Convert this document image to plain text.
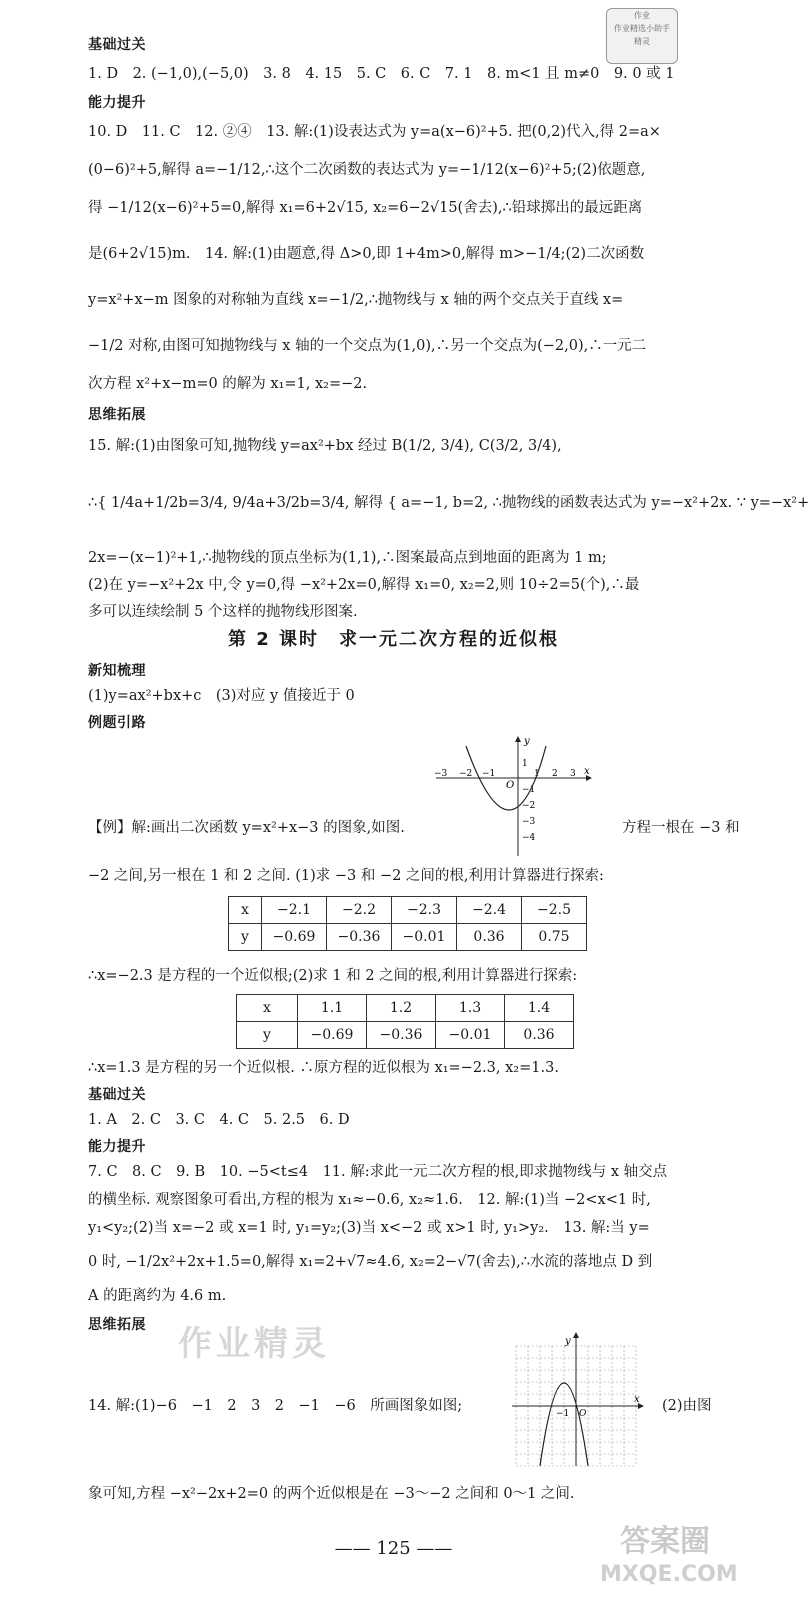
作业
作业精选小助手
精灵
基础过关
1. D　2. (−1,0),(−5,0)　3. 8　4. 15　5. C　6. C　7. 1　8. m<1 且 m≠0　9. 0 或 1
能力提升
10. D　11. C　12. ②④　13. 解:(1)设表达式为 y=a(x−6)²+5. 把(0,2)代入,得 2=a×
(0−6)²+5,解得 a=−1/12,∴这个二次函数的表达式为 y=−1/12(x−6)²+5;(2)依题意,
得 −1/12(x−6)²+5=0,解得 x₁=6+2√15, x₂=6−2√15(舍去),∴铅球掷出的最远距离
是(6+2√15)m.　14. 解:(1)由题意,得 Δ>0,即 1+4m>0,解得 m>−1/4;(2)二次函数
y=x²+x−m 图象的对称轴为直线 x=−1/2,∴抛物线与 x 轴的两个交点关于直线 x=
−1/2 对称,由图可知抛物线与 x 轴的一个交点为(1,0),∴另一个交点为(−2,0),∴一元二
次方程 x²+x−m=0 的解为 x₁=1, x₂=−2.
思维拓展
15. 解:(1)由图象可知,抛物线 y=ax²+bx 经过 B(1/2, 3/4), C(3/2, 3/4),
∴{ 1/4a+1/2b=3/4, 9/4a+3/2b=3/4, 解得 { a=−1, b=2, ∴抛物线的函数表达式为 y=−x²+2x. ∵ y=−x²+
2x=−(x−1)²+1,∴抛物线的顶点坐标为(1,1),∴图案最高点到地面的距离为 1 m;
(2)在 y=−x²+2x 中,令 y=0,得 −x²+2x=0,解得 x₁=0, x₂=2,则 10÷2=5(个),∴最
多可以连续绘制 5 个这样的抛物线形图案.
第 2 课时　求一元二次方程的近似根
新知梳理
(1)y=ax²+bx+c　(3)对应 y 值接近于 0
例题引路
【例】解:画出二次函数 y=x²+x−3 的图象,如图.
x
y
O
−3 −2 −1	1 2 3
1
−1
−2
−3
−4
方程一根在 −3 和
−2 之间,另一根在 1 和 2 之间. (1)求 −3 和 −2 之间的根,利用计算器进行探索:
x	−2.1	−2.2	−2.3	−2.4	−2.5
y	−0.69	−0.36	−0.01	0.36	0.75
∴x=−2.3 是方程的一个近似根;(2)求 1 和 2 之间的根,利用计算器进行探索:
x	1.1	1.2	1.3	1.4
y	−0.69	−0.36	−0.01	0.36
∴x=1.3 是方程的另一个近似根. ∴原方程的近似根为 x₁=−2.3, x₂=1.3.
基础过关
1. A　2. C　3. C　4. C　5. 2.5　6. D
能力提升
7. C　8. C　9. B　10. −5<t≤4　11. 解:求此一元二次方程的根,即求抛物线与 x 轴交点
的横坐标. 观察图象可看出,方程的根为 x₁≈−0.6, x₂≈1.6.　12. 解:(1)当 −2<x<1 时,
y₁<y₂;(2)当 x=−2 或 x=1 时, y₁=y₂;(3)当 x<−2 或 x>1 时, y₁>y₂.　13. 解:当 y=
0 时, −1/2x²+2x+1.5=0,解得 x₁=2+√7≈4.6, x₂=2−√7(舍去),∴水流的落地点 D 到
A 的距离约为 4.6 m.
思维拓展 作业精灵
14. 解:(1)−6　−1　2　3　2　−1　−6　所画图象如图;	x
y
O
−1	(2)由图
象可知,方程 −x²−2x+2=0 的两个近似根是在 −3～−2 之间和 0～1 之间.
—— 125 ——	答案圈
MXQE.COM
